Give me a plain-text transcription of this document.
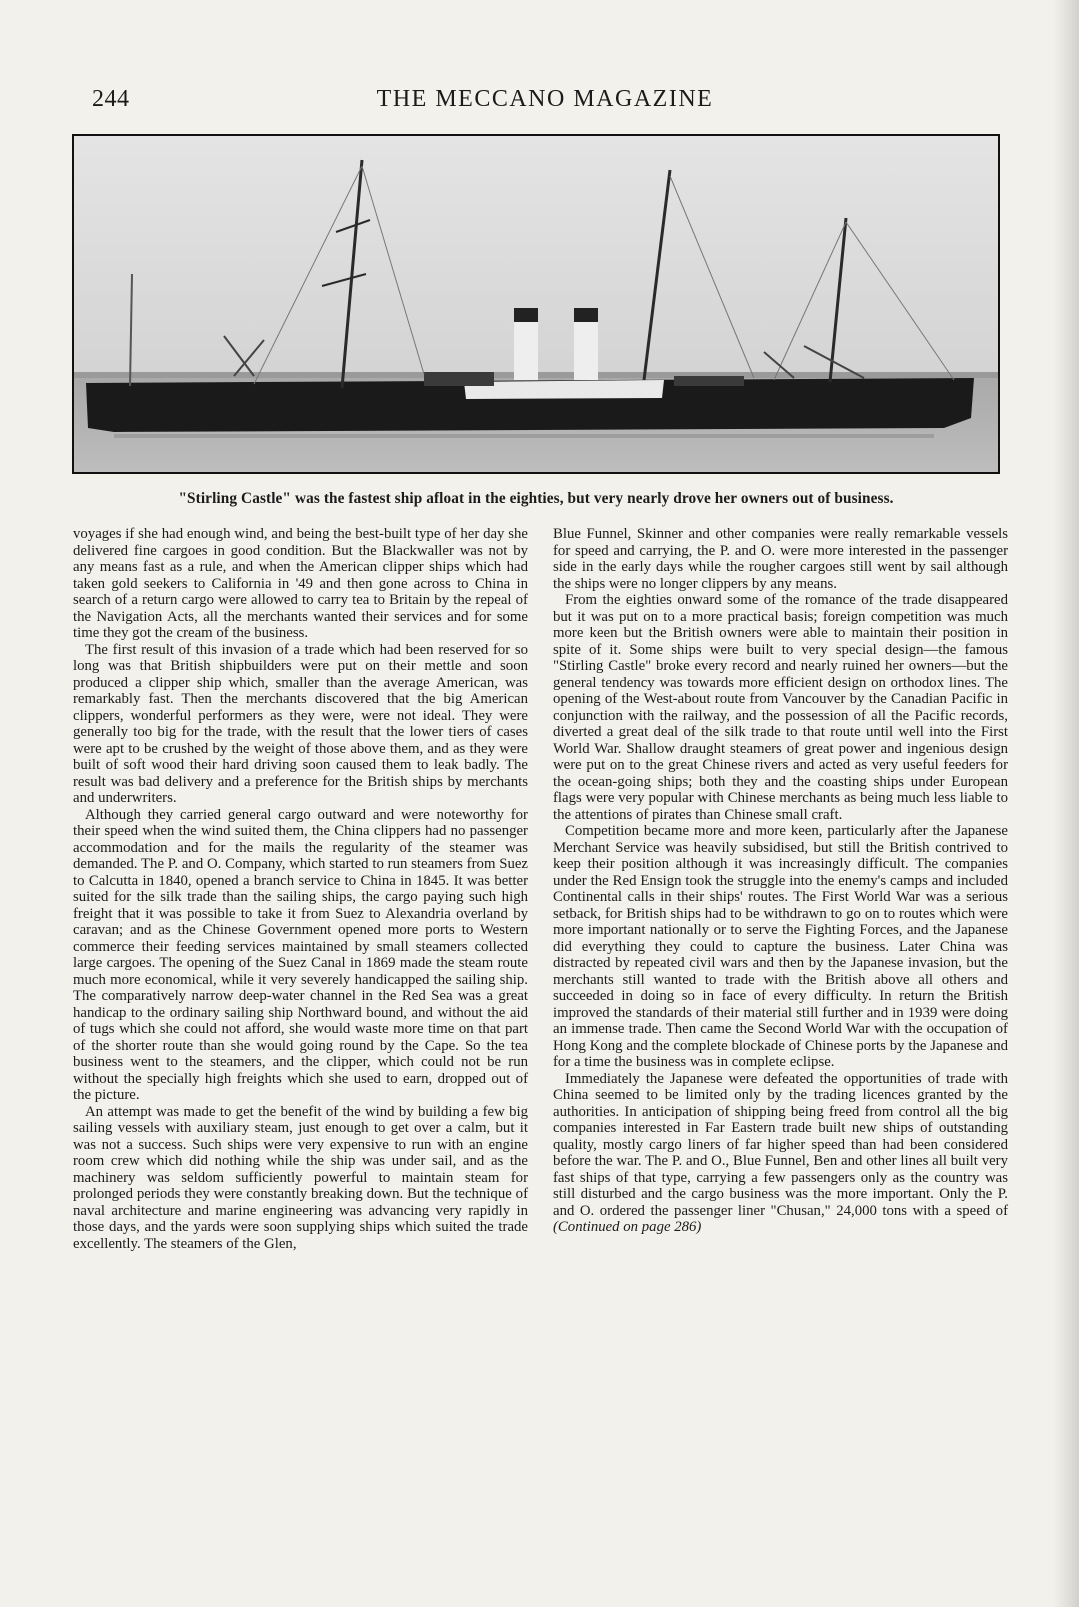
244	THE MECCANO MAGAZINE
"Stirling Castle" was the fastest ship afloat in the eighties, but very nearly drove her owners out of business.

voyages if she had enough wind, and being the best-built type of her day she delivered fine cargoes in good condition. But the Blackwaller was not by any means fast as a rule, and when the American clipper ships which had taken gold seekers to California in '49 and then gone across to China in search of a return cargo were allowed to carry tea to Britain by the repeal of the Navigation Acts, all the merchants wanted their services and for some time they got the cream of the business.

The first result of this invasion of a trade which had been reserved for so long was that British shipbuilders were put on their mettle and soon produced a clipper ship which, smaller than the average American, was remarkably fast. Then the merchants discovered that the big American clippers, wonderful performers as they were, were not ideal. They were generally too big for the trade, with the result that the lower tiers of cases were apt to be crushed by the weight of those above them, and as they were built of soft wood their hard driving soon caused them to leak badly. The result was bad delivery and a preference for the British ships by merchants and underwriters.

Although they carried general cargo outward and were noteworthy for their speed when the wind suited them, the China clippers had no passenger accommodation and for the mails the regularity of the steamer was demanded. The P. and O. Company, which started to run steamers from Suez to Calcutta in 1840, opened a branch service to China in 1845. It was better suited for the silk trade than the sailing ships, the cargo paying such high freight that it was possible to take it from Suez to Alexandria overland by caravan; and as the Chinese Government opened more ports to Western commerce their feeding services maintained by small steamers collected large cargoes. The opening of the Suez Canal in 1869 made the steam route much more economical, while it very severely handicapped the sailing ship. The comparatively narrow deep-water channel in the Red Sea was a great handicap to the ordinary sailing ship Northward bound, and without the aid of tugs which she could not afford, she would waste more time on that part of the shorter route than she would going round by the Cape. So the tea business went to the steamers, and the clipper, which could not be run without the specially high freights which she used to earn, dropped out of the picture.

An attempt was made to get the benefit of the wind by building a few big sailing vessels with auxiliary steam, just enough to get over a calm, but it was not a success. Such ships were very expensive to run with an engine room crew which did nothing while the ship was under sail, and as the machinery was seldom sufficiently powerful to maintain steam for prolonged periods they were constantly breaking down. But the technique of naval architecture and marine engineering was advancing very rapidly in those days, and the yards were soon supplying ships which suited the trade excellently. The steamers of the Glen,

Blue Funnel, Skinner and other companies were really remarkable vessels for speed and carrying, the P. and O. were more interested in the passenger side in the early days while the rougher cargoes still went by sail although the ships were no longer clippers by any means.

From the eighties onward some of the romance of the trade disappeared but it was put on to a more practical basis; foreign competition was much more keen but the British owners were able to maintain their position in spite of it. Some ships were built to very special design—the famous "Stirling Castle" broke every record and nearly ruined her owners—but the general tendency was towards more efficient design on orthodox lines. The opening of the West-about route from Vancouver by the Canadian Pacific in conjunction with the railway, and the possession of all the Pacific records, diverted a great deal of the silk trade to that route until well into the First World War. Shallow draught steamers of great power and ingenious design were put on to the great Chinese rivers and acted as very useful feeders for the ocean-going ships; both they and the coasting ships under European flags were very popular with Chinese merchants as being much less liable to the attentions of pirates than Chinese small craft.

Competition became more and more keen, particularly after the Japanese Merchant Service was heavily subsidised, but still the British contrived to keep their position although it was increasingly difficult. The companies under the Red Ensign took the struggle into the enemy's camps and included Continental calls in their ships' routes. The First World War was a serious setback, for British ships had to be withdrawn to go on to routes which were more important nationally or to serve the Fighting Forces, and the Japanese did everything they could to capture the business. Later China was distracted by repeated civil wars and then by the Japanese invasion, but the merchants still wanted to trade with the British above all others and succeeded in doing so in face of every difficulty. In return the British improved the standards of their material still further and in 1939 were doing an immense trade. Then came the Second World War with the occupation of Hong Kong and the complete blockade of Chinese ports by the Japanese and for a time the business was in complete eclipse.

Immediately the Japanese were defeated the opportunities of trade with China seemed to be limited only by the trading licences granted by the authorities. In anticipation of shipping being freed from control all the big companies interested in Far Eastern trade built new ships of outstanding quality, mostly cargo liners of far higher speed than had been considered before the war. The P. and O., Blue Funnel, Ben and other lines all built very fast ships of that type, carrying a few passengers only as the country was still disturbed and the cargo business was the more important. Only the P. and O. ordered the passenger liner "Chusan," 24,000 tons with a speed of (Continued on page 286)
